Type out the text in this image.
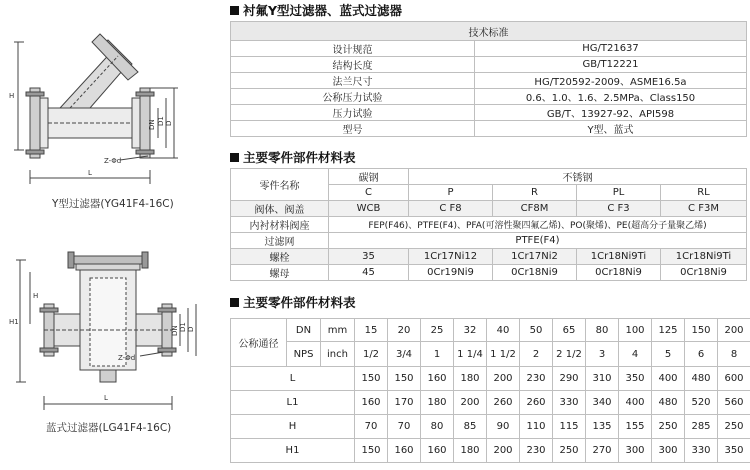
H
DN D1 D
Z-Φd
L
Y型过滤器(YG41F4-16C)
H1
H
DN D1 D
Z-Φd
L
蓝式过滤器(LG41F4-16C)
衬氟Y型过滤器、蓝式过滤器
技术标准	
设计规范	HG/T21637
结构长度	GB/T12221
法兰尺寸	HG/T20592-2009、ASME16.5a
公称压力试验	0.6、1.0、1.6、2.5MPa、Class150
压力试验	GB/T、13927-92、API598
型号	Y型、蓝式
主要零件部件材料表
零件名称	碳钢	不锈钢			
	C	P	R	PL	RL
阀体、阀盖	WCB	C F8	CF8M	C F3	C F3M
内衬材料阀座	FEP(F46)、PTFE(F4)、PFA(可溶性聚四氟乙烯)、PO(聚烯)、PE(超高分子量聚乙烯)				
过滤网	PTFE(F4)				
螺栓	35	1Cr17Ni12	1Cr17Ni2	1Cr18Ni9Ti	1Cr18Ni9Ti
螺母	45	0Cr19Ni9	0Cr18Ni9	0Cr18Ni9	0Cr18Ni9
主要零件部件材料表
公称通径	DN	mm	15	20	25	32	40	50	65	80	100	125	150	200
	NPS	inch	1/2	3/4	1	1 1/4	1 1/2	2	2 1/2	3	4	5	6	8
L			150	150	160	180	200	230	290	310	350	400	480	600
L1			160	170	180	200	260	260	330	340	400	480	520	560
H			70	70	80	85	90	110	115	135	155	250	285	250
H1			150	160	160	180	200	230	250	270	300	300	330	350
